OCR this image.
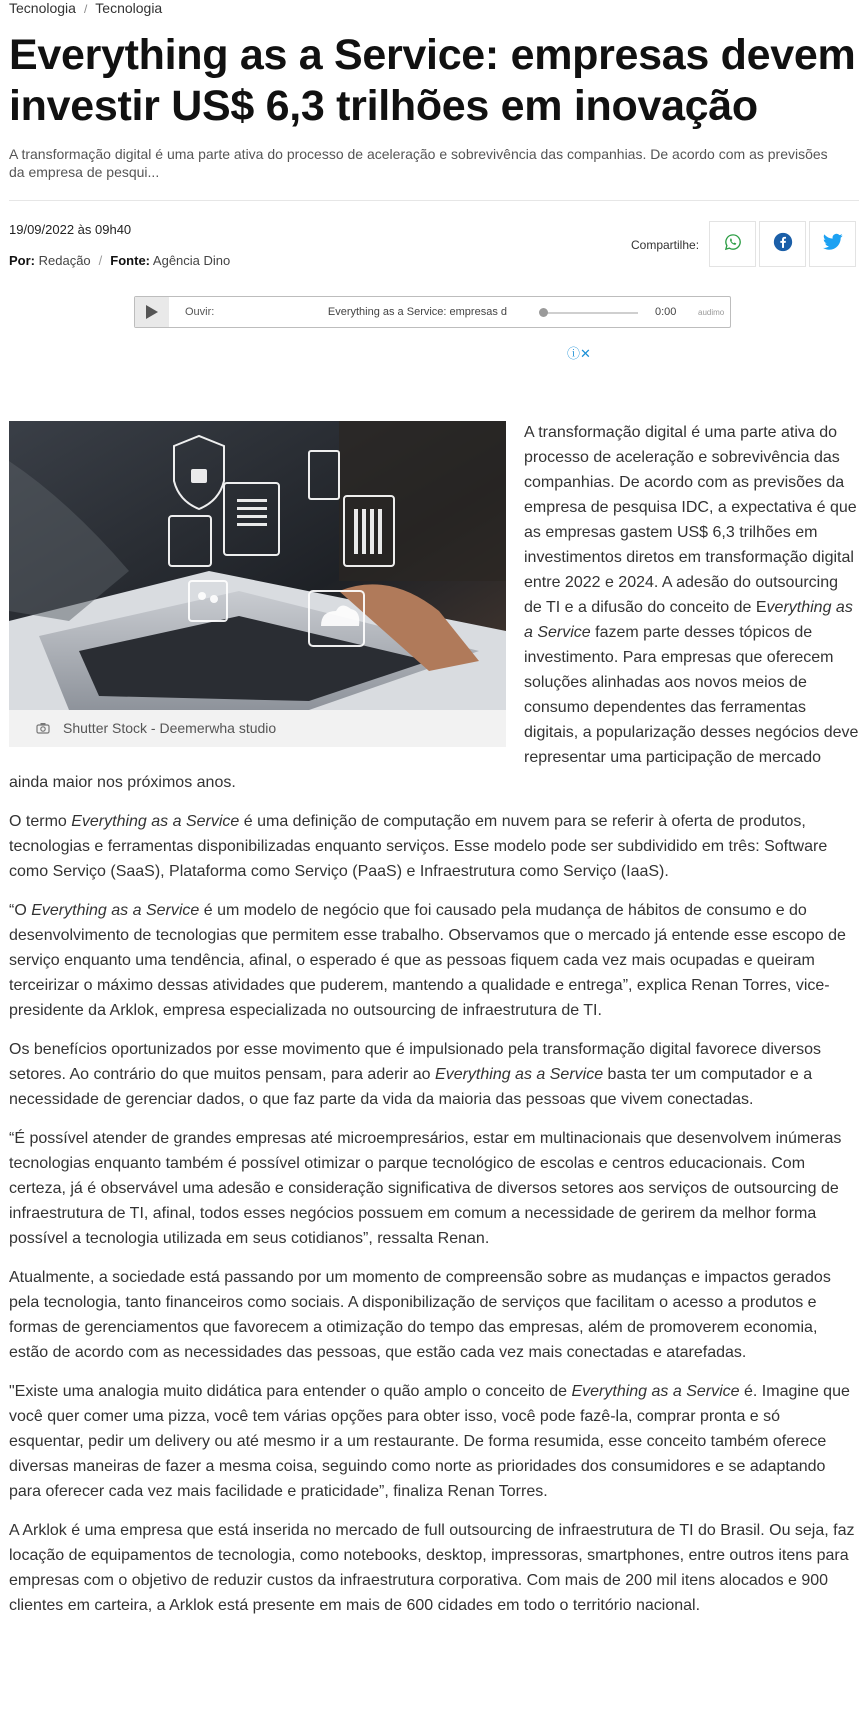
Tecnologia / Tecnologia
Everything as a Service: empresas devem investir US$ 6,3 trilhões em inovação

A transformação digital é uma parte ativa do processo de aceleração e sobrevivência das companhias. De acordo com as previsões da empresa de pesqui...

19/09/2022 às 09h40
Por: Redação / Fonte: Agência Dino
Compartilhe:
Ouvir:	Everything as a Service: empresas d	0:00	audimo
ⓘ✕

A transformação digital é uma parte ativa do processo de aceleração e sobrevivência das companhias. De acordo com as previsões da empresa de pesquisa IDC, a expectativa é que as empresas gastem US$ 6,3 trilhões em investimentos diretos em transformação digital entre 2022 e 2024. A adesão do outsourcing de TI e a difusão do conceito de Everything as a Service fazem parte desses tópicos de investimento. Para empresas que oferecem soluções alinhadas aos novos meios de consumo dependentes das ferramentas digitais, a popularização desses negócios deve representar uma participação de mercado ainda maior nos próximos anos.

O termo Everything as a Service é uma definição de computação em nuvem para se referir à oferta de produtos, tecnologias e ferramentas disponibilizadas enquanto serviços. Esse modelo pode ser subdividido em três: Software como Serviço (SaaS), Plataforma como Serviço (PaaS) e Infraestrutura como Serviço (IaaS).

“O Everything as a Service é um modelo de negócio que foi causado pela mudança de hábitos de consumo e do desenvolvimento de tecnologias que permitem esse trabalho. Observamos que o mercado já entende esse escopo de serviço enquanto uma tendência, afinal, o esperado é que as pessoas fiquem cada vez mais ocupadas e queiram terceirizar o máximo dessas atividades que puderem, mantendo a qualidade e entrega”, explica Renan Torres, vice-presidente da Arklok, empresa especializada no outsourcing de infraestrutura de TI.

Os benefícios oportunizados por esse movimento que é impulsionado pela transformação digital favorece diversos setores. Ao contrário do que muitos pensam, para aderir ao Everything as a Service basta ter um computador e a necessidade de gerenciar dados, o que faz parte da vida da maioria das pessoas que vivem conectadas.

“É possível atender de grandes empresas até microempresários, estar em multinacionais que desenvolvem inúmeras tecnologias enquanto também é possível otimizar o parque tecnológico de escolas e centros educacionais. Com certeza, já é observável uma adesão e consideração significativa de diversos setores aos serviços de outsourcing de infraestrutura de TI, afinal, todos esses negócios possuem em comum a necessidade de gerirem da melhor forma possível a tecnologia utilizada em seus cotidianos”, ressalta Renan.

Atualmente, a sociedade está passando por um momento de compreensão sobre as mudanças e impactos gerados pela tecnologia, tanto financeiros como sociais. A disponibilização de serviços que facilitam o acesso a produtos e formas de gerenciamentos que favorecem a otimização do tempo das empresas, além de promoverem economia, estão de acordo com as necessidades das pessoas, que estão cada vez mais conectadas e atarefadas.

"Existe uma analogia muito didática para entender o quão amplo o conceito de Everything as a Service é. Imagine que você quer comer uma pizza, você tem várias opções para obter isso, você pode fazê-la, comprar pronta e só esquentar, pedir um delivery ou até mesmo ir a um restaurante. De forma resumida, esse conceito também oferece diversas maneiras de fazer a mesma coisa, seguindo como norte as prioridades dos consumidores e se adaptando para oferecer cada vez mais facilidade e praticidade”, finaliza Renan Torres.

A Arklok é uma empresa que está inserida no mercado de full outsourcing de infraestrutura de TI do Brasil. Ou seja, faz locação de equipamentos de tecnologia, como notebooks, desktop, impressoras, smartphones, entre outros itens para empresas com o objetivo de reduzir custos da infraestrutura corporativa. Com mais de 200 mil itens alocados e 900 clientes em carteira, a Arklok está presente em mais de 600 cidades em todo o território nacional.

Shutter Stock - Deemerwha studio
